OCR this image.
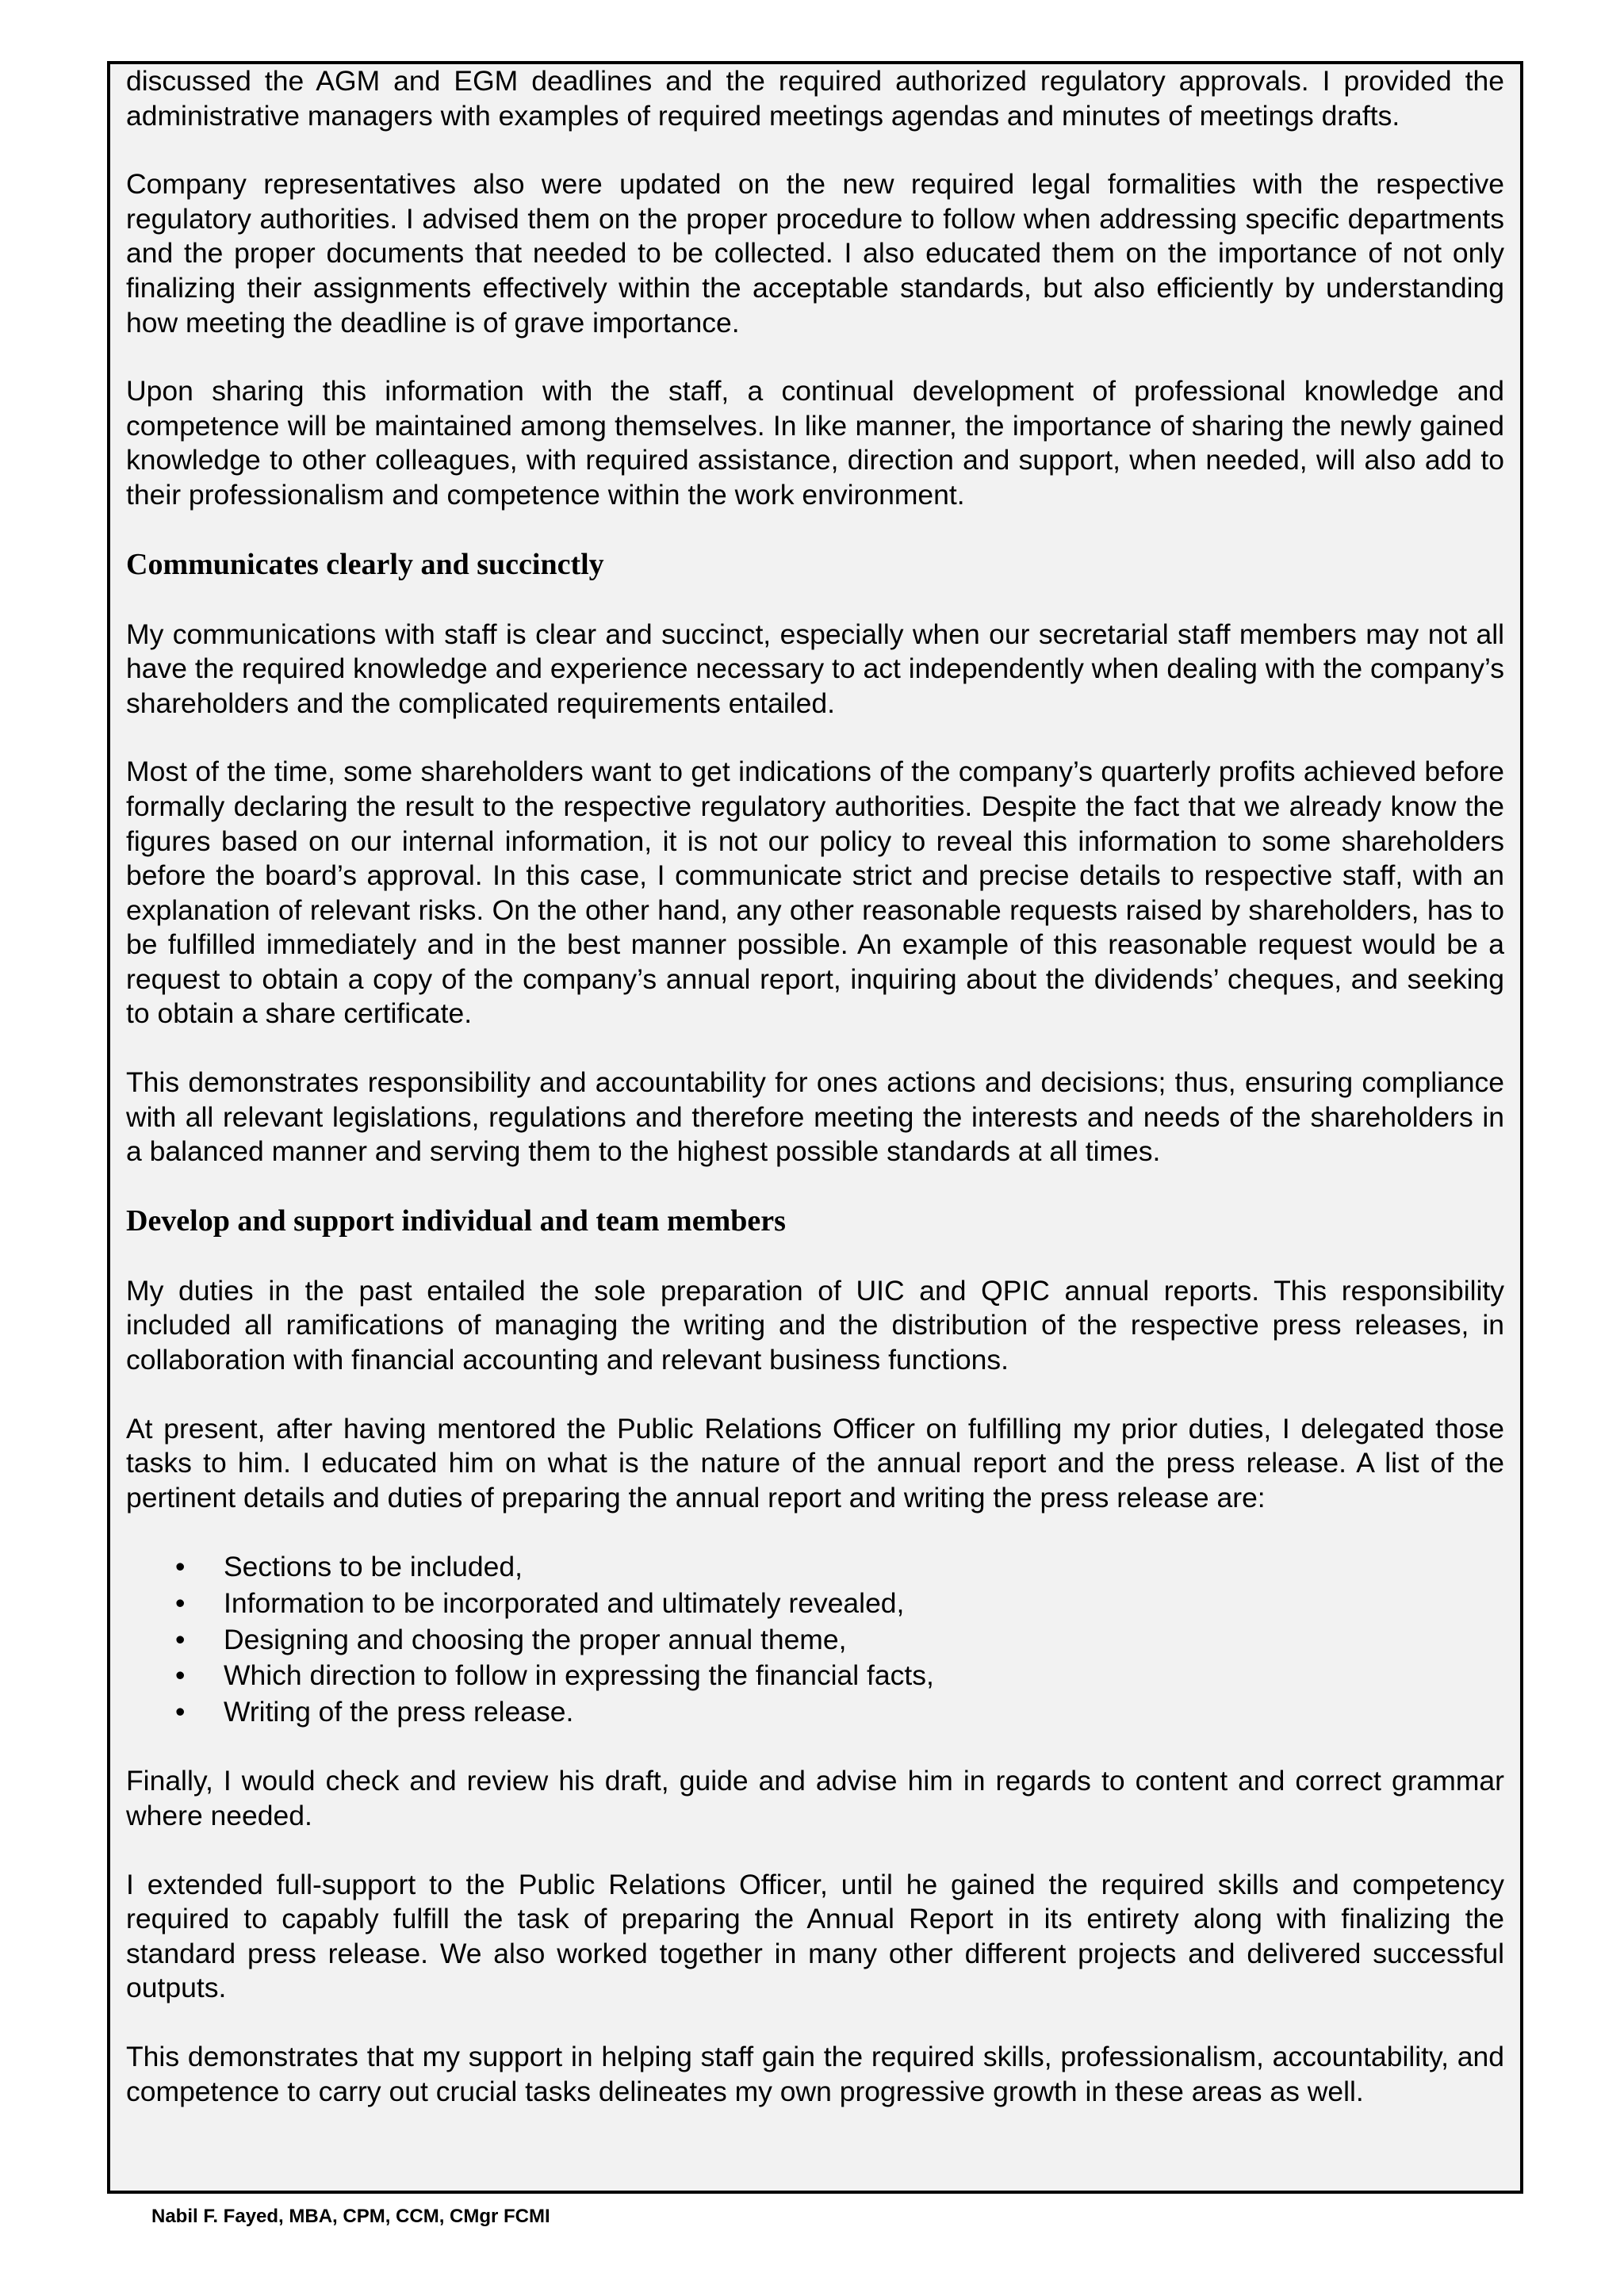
discussed the AGM and EGM deadlines and the required authorized regulatory approvals. I provided the administrative managers with examples of required meetings agendas and minutes of meetings drafts.

Company representatives also were updated on the new required legal formalities with the respective regulatory authorities. I advised them on the proper procedure to follow when addressing specific departments and the proper documents that needed to be collected. I also educated them on the importance of not only finalizing their assignments effectively within the acceptable standards, but also efficiently by understanding how meeting the deadline is of grave importance.

Upon sharing this information with the staff, a continual development of professional knowledge and competence will be maintained among themselves. In like manner, the importance of sharing the newly gained knowledge to other colleagues, with required assistance, direction and support, when needed, will also add to their professionalism and competence within the work environment.

Communicates clearly and succinctly

My communications with staff is clear and succinct, especially when our secretarial staff members may not all have the required knowledge and experience necessary to act independently when dealing with the company’s shareholders and the complicated requirements entailed.

Most of the time, some shareholders want to get indications of the company’s quarterly profits achieved before formally declaring the result to the respective regulatory authorities. Despite the fact that we already know the figures based on our internal information, it is not our policy to reveal this information to some shareholders before the board’s approval. In this case, I communicate strict and precise details to respective staff, with an explanation of relevant risks. On the other hand, any other reasonable requests raised by shareholders, has to be fulfilled immediately and in the best manner possible. An example of this reasonable request would be a request to obtain a copy of the company’s annual report, inquiring about the dividends’ cheques, and seeking to obtain a share certificate.

This demonstrates responsibility and accountability for ones actions and decisions; thus, ensuring compliance with all relevant legislations, regulations and therefore meeting the interests and needs of the shareholders in a balanced manner and serving them to the highest possible standards at all times.

Develop and support individual and team members

My duties in the past entailed the sole preparation of UIC and QPIC annual reports. This responsibility included all ramifications of managing the writing and the distribution of the respective press releases, in collaboration with financial accounting and relevant business functions.

At present, after having mentored the Public Relations Officer on fulfilling my prior duties, I delegated those tasks to him. I educated him on what is the nature of the annual report and the press release. A list of the pertinent details and duties of preparing the annual report and writing the press release are:

• Sections to be included,
• Information to be incorporated and ultimately revealed,
• Designing and choosing the proper annual theme,
• Which direction to follow in expressing the financial facts,
• Writing of the press release.

Finally, I would check and review his draft, guide and advise him in regards to content and correct grammar where needed.

I extended full-support to the Public Relations Officer, until he gained the required skills and competency required to capably fulfill the task of preparing the Annual Report in its entirety along with finalizing the standard press release. We also worked together in many other different projects and delivered successful outputs.

This demonstrates that my support in helping staff gain the required skills, professionalism, accountability, and competence to carry out crucial tasks delineates my own progressive growth in these areas as well.

Nabil F. Fayed, MBA, CPM, CCM, CMgr FCMI
